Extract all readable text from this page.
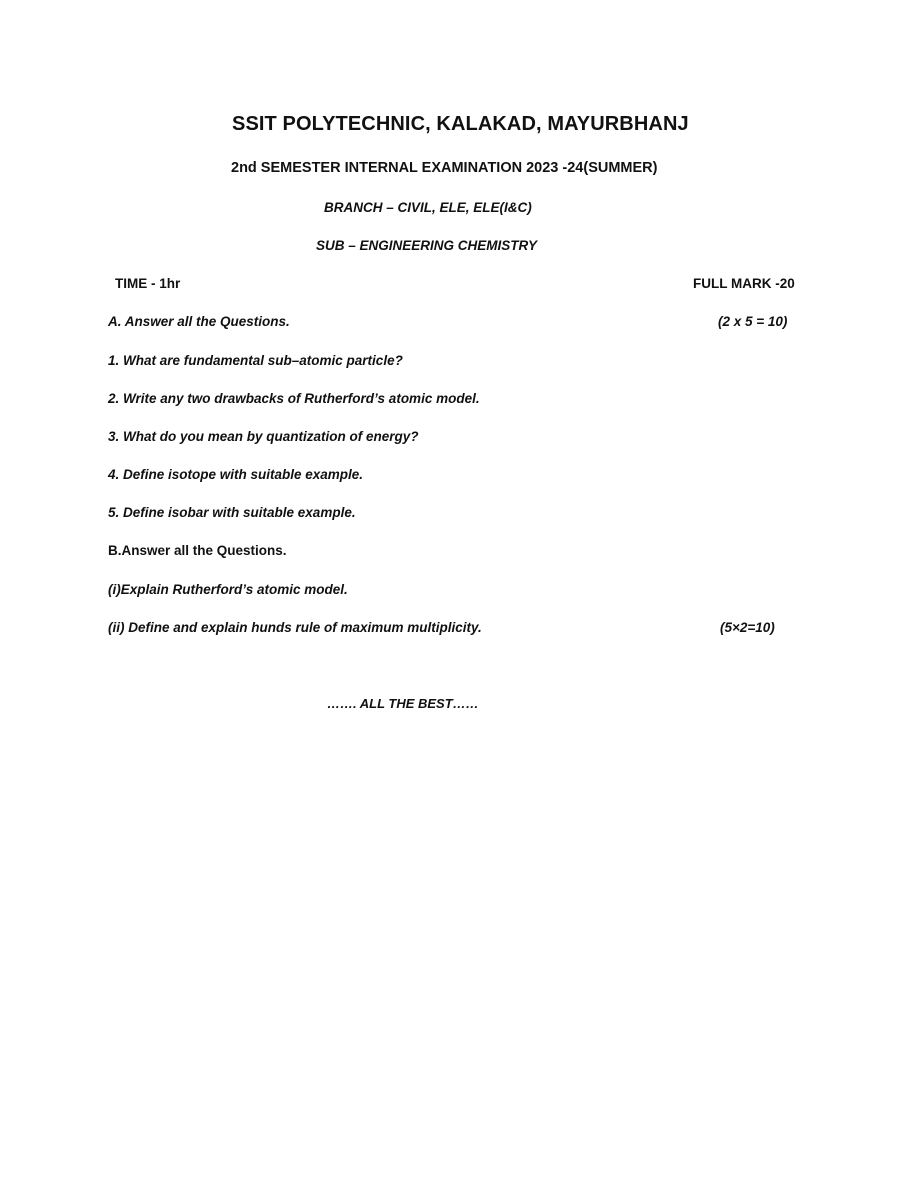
SSIT POLYTECHNIC, KALAKAD, MAYURBHANJ
2nd SEMESTER INTERNAL EXAMINATION 2023 -24(SUMMER)
BRANCH – CIVIL, ELE, ELE(I&C)
SUB – ENGINEERING CHEMISTRY
TIME - 1hr	FULL MARK -20
A. Answer all the Questions.	(2 x 5 = 10)
1. What are fundamental sub–atomic particle?
2. Write any two drawbacks of Rutherford’s atomic model.
3. What do you mean by quantization of energy?
4. Define isotope with suitable example.
5. Define isobar with suitable example.
B.Answer all the Questions.
(i)Explain Rutherford’s atomic model.
(ii) Define and explain hunds rule of maximum multiplicity.	(5×2=10)
……. ALL THE BEST……
